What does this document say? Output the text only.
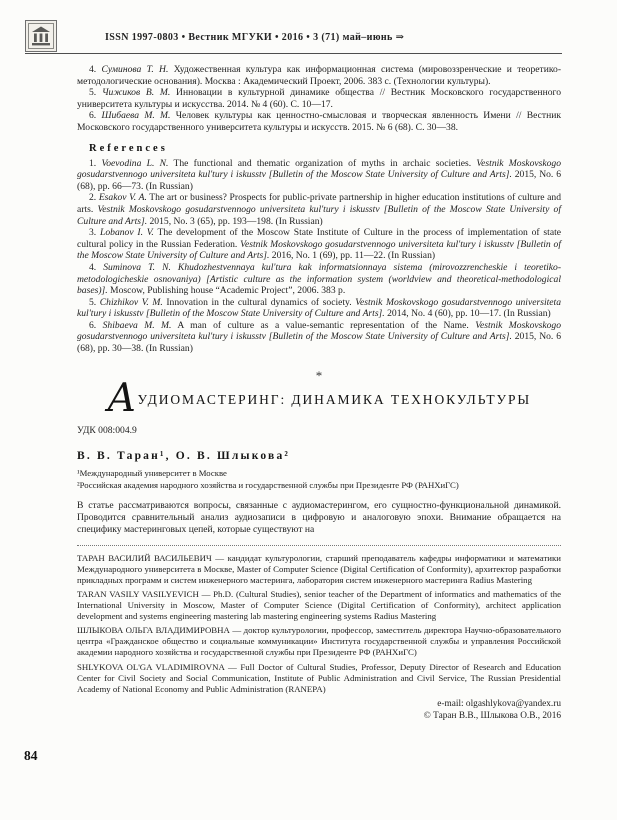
ISSN 1997-0803 • Вестник МГУКИ • 2016 • 3 (71) май–июнь ⇒

4. Суминова Т. Н. Художественная культура как информационная система (мировоззренческие и теоретико-методологические основания). Москва : Академический Проект, 2006. 383 с. (Технологии культуры).

5. Чижиков В. М. Инновации в культурной динамике общества // Вестник Московского государственного университета культуры и искусства. 2014. № 4 (60). С. 10—17.

6. Шибаева М. М. Человек культуры как ценностно-смысловая и творческая явленность Имени // Вестник Московского государственного университета культуры и искусств. 2015. № 6 (68). С. 30—38.

References

1. Voevodina L. N. The functional and thematic organization of myths in archaic societies. Vestnik Moskovskogo gosudarstvennogo universiteta kul'tury i iskusstv [Bulletin of the Moscow State University of Culture and Arts]. 2015, No. 6 (68), pp. 66—73. (In Russian)

2. Esakov V. A. The art or business? Prospects for public-private partnership in higher education institutions of culture and arts. Vestnik Moskovskogo gosudarstvennogo universiteta kul'tury i iskusstv [Bulletin of the Moscow State University of Culture and Arts]. 2015, No. 3 (65), pp. 193—198. (In Russian)

3. Lobanov I. V. The development of the Moscow State Institute of Culture in the process of implementation of state cultural policy in the Russian Federation. Vestnik Moskovskogo gosudarstvennogo universiteta kul'tury i iskusstv [Bulletin of the Moscow State University of Culture and Arts]. 2016, No. 1 (69), pp. 11—22. (In Russian)

4. Suminova T. N. Khudozhestvennaya kul'tura kak informatsionnaya sistema (mirovozzrencheskie i teoretiko-metodologicheskie osnovaniya) [Artistic culture as the information system (worldview and theoretical-methodological bases)]. Moscow, Publishing house “Academic Project”, 2006. 383 p.

5. Chizhikov V. M. Innovation in the cultural dynamics of society. Vestnik Moskovskogo gosudarstvennogo universiteta kul'tury i iskusstv [Bulletin of the Moscow State University of Culture and Arts]. 2014, No. 4 (60), pp. 10—17. (In Russian)

6. Shibaeva M. M. A man of culture as a value-semantic representation of the Name. Vestnik Moskovskogo gosudarstvennogo universiteta kul'tury i iskusstv [Bulletin of the Moscow State University of Culture and Arts]. 2015, No. 6 (68), pp. 30—38. (In Russian)

*
АУДИОМАСТЕРИНГ: ДИНАМИКА ТЕХНОКУЛЬТУРЫ
УДК 008:004.9
В. В. Таран¹, О. В. Шлыкова²
¹Международный университет в Москве
²Российская академия народного хозяйства и государственной службы при Президенте РФ (РАНХиГС)

В статье рассматриваются вопросы, связанные с аудиомастерингом, его сущностно-функциональной динамикой. Проводится сравнительный анализ аудиозаписи в цифровую и аналоговую эпохи. Внимание обращается на специфику мастеринговых цепей, которые существуют на

ТАРАН ВАСИЛИЙ ВАСИЛЬЕВИЧ — кандидат культурологии, старший преподаватель кафедры информатики и математики Международного университета в Москве, Master of Computer Science (Digital Certification of Conformity), архитектор разработки прикладных программ и систем инженерного мастеринга, лаборатория систем инженерного мастеринга Radius Mastering

TARAN VASILY VASILYEVICH — Ph.D. (Cultural Studies), senior teacher of the Department of informatics and mathematics of the International University in Moscow, Master of Computer Science (Digital Certification of Conformity), architect application development and systems engineering mastering lab mastering engineering systems Radius Mastering

ШЛЫКОВА ОЛЬГА ВЛАДИМИРОВНА — доктор культурологии, профессор, заместитель директора Научно-образовательного центра «Гражданское общество и социальные коммуникации» Института государственной службы и управления Российской академии народного хозяйства и государственной службы при Президенте РФ (РАНХиГС)

SHLYKOVA OL'GA VLADIMIROVNA — Full Doctor of Cultural Studies, Professor, Deputy Director of Research and Education Center for Civil Society and Social Communication, Institute of Public Administration and Civil Service, The Russian Presidential Academy of National Economy and Public Administration (RANEPA)

e-mail: olgashlykova@yandex.ru
© Таран В.В., Шлыкова О.В., 2016
84
